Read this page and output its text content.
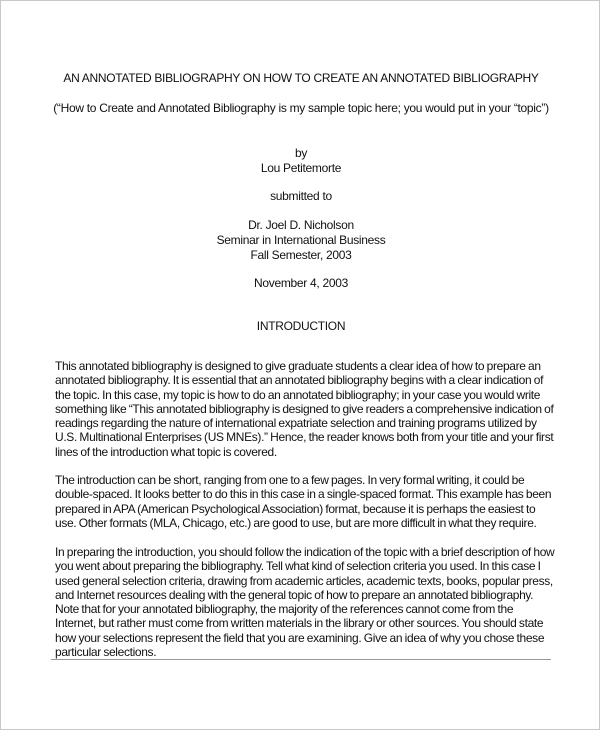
AN ANNOTATED BIBLIOGRAPHY ON HOW TO CREATE AN ANNOTATED BIBLIOGRAPHY
(“How to Create and Annotated Bibliography is my sample topic here; you would put in your “topic”)
by
Lou Petitemorte
submitted to
Dr. Joel D. Nicholson
Seminar in International Business
Fall Semester, 2003
November 4, 2003
INTRODUCTION
This annotated bibliography is designed to give graduate students a clear idea of how to prepare an annotated bibliography. It is essential that an annotated bibliography begins with a clear indication of the topic. In this case, my topic is how to do an annotated bibliography; in your case you would write something like “This annotated bibliography is designed to give readers a comprehensive indication of readings regarding the nature of international expatriate selection and training programs utilized by U.S. Multinational Enterprises (US MNEs).” Hence, the reader knows both from your title and your first lines of the introduction what topic is covered.
The introduction can be short, ranging from one to a few pages. In very formal writing, it could be double-spaced. It looks better to do this in this case in a single-spaced format. This example has been prepared in APA (American Psychological Association) format, because it is perhaps the easiest to use. Other formats (MLA, Chicago, etc.) are good to use, but are more difficult in what they require.
In preparing the introduction, you should follow the indication of the topic with a brief description of how you went about preparing the bibliography. Tell what kind of selection criteria you used. In this case I used general selection criteria, drawing from academic articles, academic texts, books, popular press, and Internet resources dealing with the general topic of how to prepare an annotated bibliography. Note that for your annotated bibliography, the majority of the references cannot come from the Internet, but rather must come from written materials in the library or other sources. You should state how your selections represent the field that you are examining. Give an idea of why you chose these particular selections.
